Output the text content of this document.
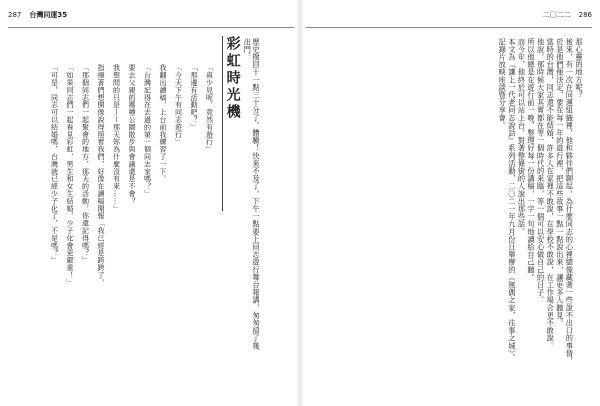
287 台灣同運35	二〇二二 286
彩虹時光機 歷史撥回十一點三十分了。體驗！快來不及了。下午一點要上同志遊行舞台報講，匆匆掃了幾
出門。
「真少見呢，竟然有遊行」
「那邊有活動吧？」
「今天下午有同志遊行」
我翻出讀稿，上台前我練習了一下。
「台灣記得在去過的第一個同志家嗎？」
要去父親的哪種公園散步與會議還是不會？
我想問的只是——那天妳為什麼沒有來……」
指揮著們想開像說得照着我們，好像在讀稿開報「我已經是跨跨了。
「那個同志們一起聚會的地方，那天的活動，你還記得嗎？」
「如果同志們一起看見彩虹，男生和女生結婚，少子化會更嚴重！」
「可是，同志可以結婚嗎，台灣就已經少子化了，不是嗎？」	那心靈的地方呢？
後來，有一次在同運組織裡，他和夥伴們聊起，為什麼同志的心裡總像藏著一些說不出口的事情，
於是他們便決定，要在每一年的遊行裡，把這些故事一點一點說出來，讓更多人聽見。
當時的台灣，同志還不能結婚，許多人在家裡不敢說，在學校不敢說，在工作場合更不敢說。
他說，那時候大家其實都在等一個時代的來臨，等一個可以安心做自己的日子。
所以他總是在遊行前一晚，整理好每一份講稿，一字一句地讀給自己聽。
而今年，他終於可以站上台，對著整條街的人說出那些話。
本文為『讓上一代老同志說話』系列活動，二〇二一年九月份日舉辦的《無偶之家，往事之城》。
記錄片放映座談暨分享會。
